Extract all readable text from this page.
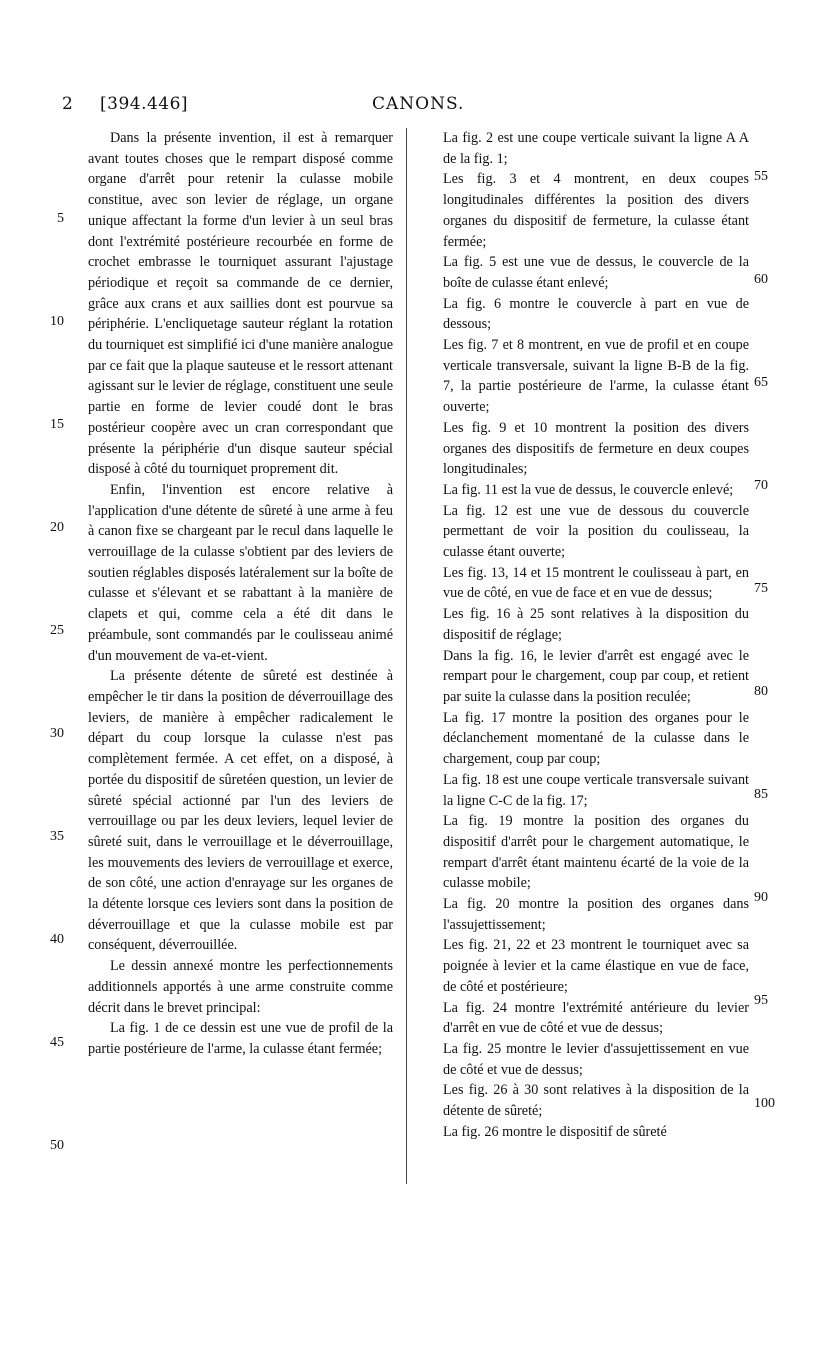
2 [394.446]	CANONS.

Dans la présente invention, il est à remarquer avant toutes choses que le rempart disposé comme organe d'arrêt pour retenir la culasse mobile constitue, avec son levier de réglage, un organe unique affectant la forme d'un levier à un seul bras dont l'extrémité postérieure recourbée en forme de crochet embrasse le tourniquet assurant l'ajustage périodique et reçoit sa commande de ce dernier, grâce aux crans et aux saillies dont est pourvue sa périphérie. L'encliquetage sauteur réglant la rotation du tourniquet est simplifié ici d'une manière analogue par ce fait que la plaque sauteuse et le ressort attenant agissant sur le levier de réglage, constituent une seule partie en forme de levier coudé dont le bras postérieur coopère avec un cran correspondant que présente la périphérie d'un disque sauteur spécial disposé à côté du tourniquet proprement dit.

Enfin, l'invention est encore relative à l'application d'une détente de sûreté à une arme à feu à canon fixe se chargeant par le recul dans laquelle le verrouillage de la culasse s'obtient par des leviers de soutien réglables disposés latéralement sur la boîte de culasse et s'élevant et se rabattant à la manière de clapets et qui, comme cela a été dit dans le préambule, sont commandés par le coulisseau animé d'un mouvement de va-et-vient.

La présente détente de sûreté est destinée à empêcher le tir dans la position de déverrouillage des leviers, de manière à empêcher radicalement le départ du coup lorsque la culasse n'est pas complètement fermée. A cet effet, on a disposé, à portée du dispositif de sûretéen question, un levier de sûreté spécial actionné par l'un des leviers de verrouillage ou par les deux leviers, lequel levier de sûreté suit, dans le verrouillage et le déverrouillage, les mouvements des leviers de verrouillage et exerce, de son côté, une action d'enrayage sur les organes de la détente lorsque ces leviers sont dans la position de déverrouillage et que la culasse mobile est par conséquent, déverrouillée.

Le dessin annexé montre les perfectionnements additionnels apportés à une arme construite comme décrit dans le brevet principal:

La fig. 1 de ce dessin est une vue de profil de la partie postérieure de l'arme, la culasse étant fermée;

La fig. 2 est une coupe verticale suivant la ligne A A de la fig. 1;

Les fig. 3 et 4 montrent, en deux coupes longitudinales différentes la position des divers organes du dispositif de fermeture, la culasse étant fermée;

La fig. 5 est une vue de dessus, le couvercle de la boîte de culasse étant enlevé;

La fig. 6 montre le couvercle à part en vue de dessous;

Les fig. 7 et 8 montrent, en vue de profil et en coupe verticale transversale, suivant la ligne B-B de la fig. 7, la partie postérieure de l'arme, la culasse étant ouverte;

Les fig. 9 et 10 montrent la position des divers organes des dispositifs de fermeture en deux coupes longitudinales;

La fig. 11 est la vue de dessus, le couvercle enlevé;

La fig. 12 est une vue de dessous du couvercle permettant de voir la position du coulisseau, la culasse étant ouverte;

Les fig. 13, 14 et 15 montrent le coulisseau à part, en vue de côté, en vue de face et en vue de dessus;

Les fig. 16 à 25 sont relatives à la disposition du dispositif de réglage;

Dans la fig. 16, le levier d'arrêt est engagé avec le rempart pour le chargement, coup par coup, et retient par suite la culasse dans la position reculée;

La fig. 17 montre la position des organes pour le déclanchement momentané de la culasse dans le chargement, coup par coup;

La fig. 18 est une coupe verticale transversale suivant la ligne C-C de la fig. 17;

La fig. 19 montre la position des organes du dispositif d'arrêt pour le chargement automatique, le rempart d'arrêt étant maintenu écarté de la voie de la culasse mobile;

La fig. 20 montre la position des organes dans l'assujettissement;

Les fig. 21, 22 et 23 montrent le tourniquet avec sa poignée à levier et la came élastique en vue de face, de côté et postérieure;

La fig. 24 montre l'extrémité antérieure du levier d'arrêt en vue de côté et vue de dessus;

La fig. 25 montre le levier d'assujettissement en vue de côté et vue de dessus;

Les fig. 26 à 30 sont relatives à la disposition de la détente de sûreté;

La fig. 26 montre le dispositif de sûreté

5
10
15
20
25
30
35
40
45
50
55
60
65
70
75
80
85
90
95
100
